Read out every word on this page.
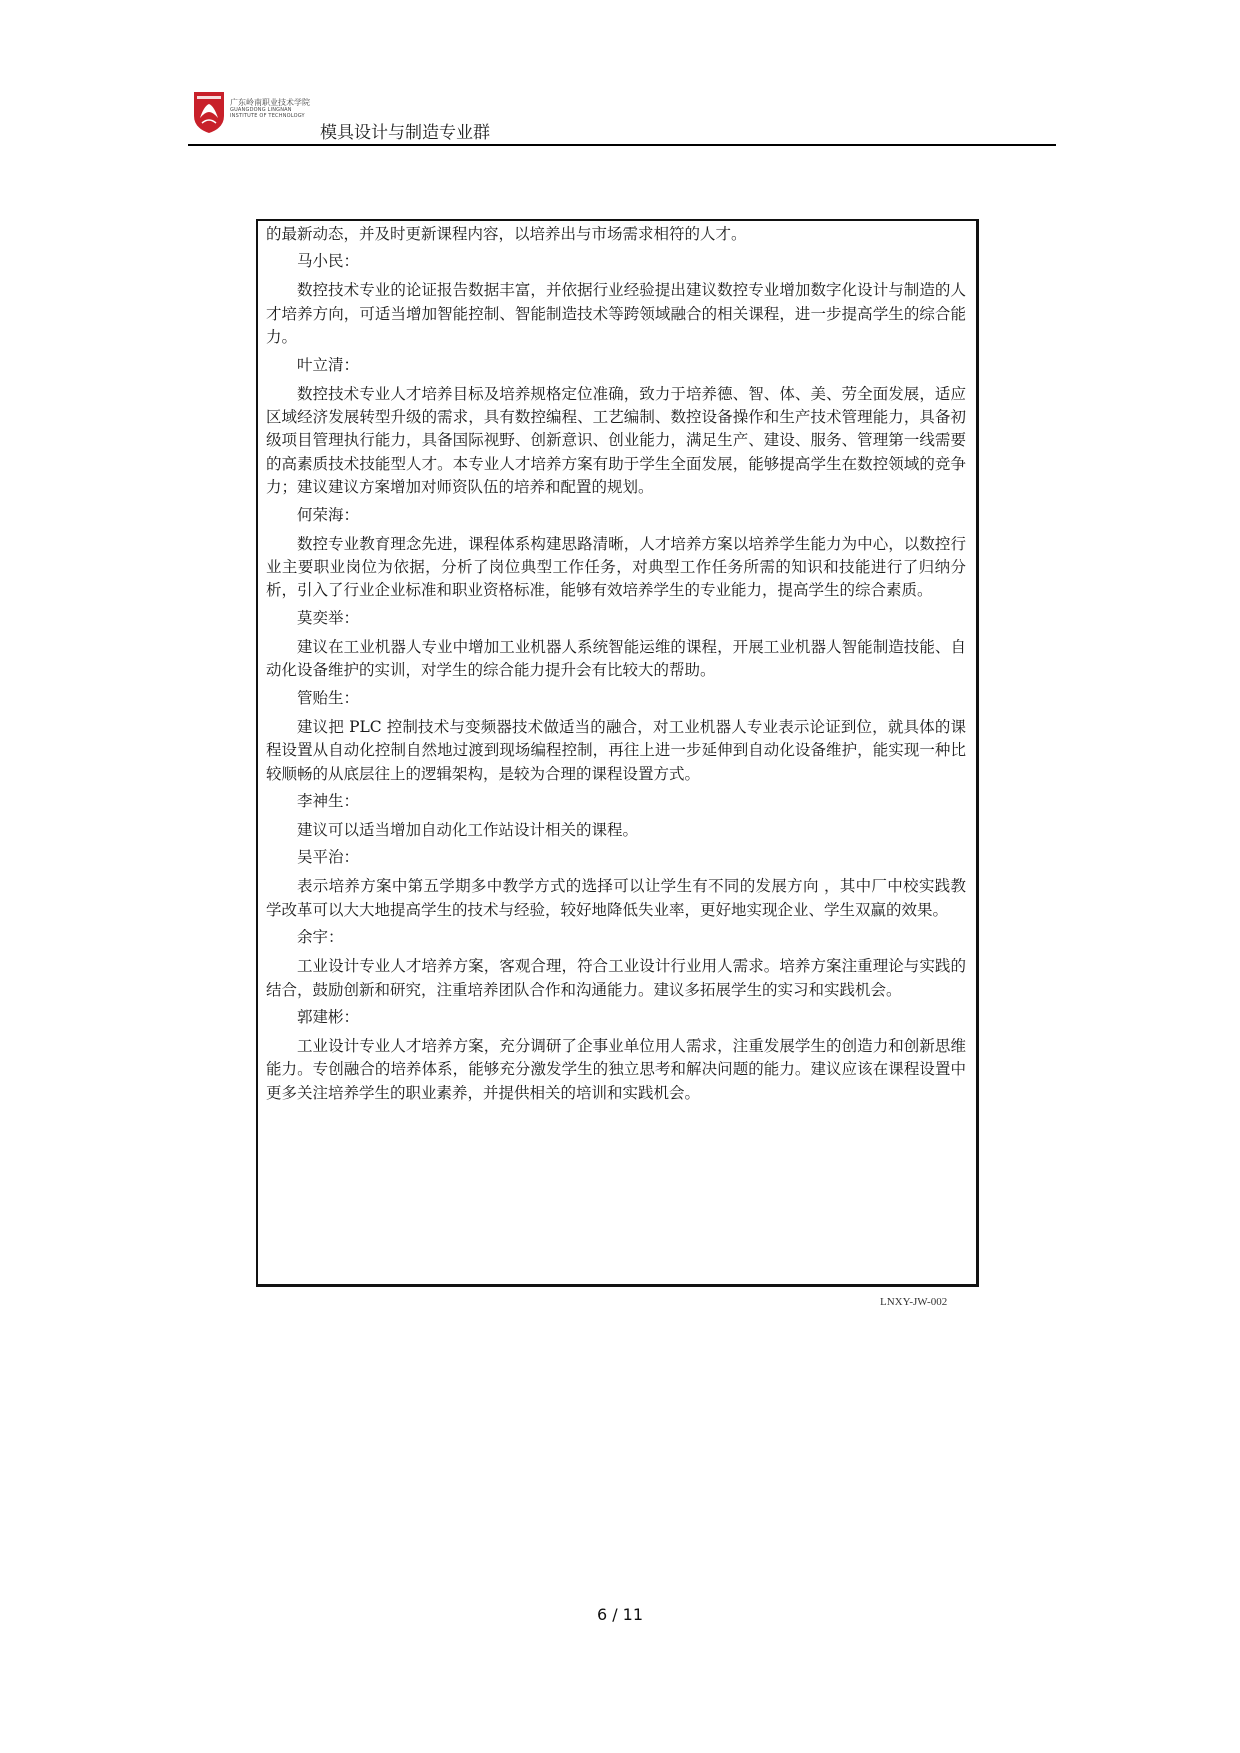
广东岭南职业技术学院
GUANGDONG LINGNAN
INSTITUTE OF TECHNOLOGY
模具设计与制造专业群

的最新动态，并及时更新课程内容，以培养出与市场需求相符的人才。

马小民：

数控技术专业的论证报告数据丰富，并依据行业经验提出建议数控专业增加数字化设计与制造的人才培养方向，可适当增加智能控制、智能制造技术等跨领域融合的相关课程，进一步提高学生的综合能力。

叶立清：

数控技术专业人才培养目标及培养规格定位准确，致力于培养德、智、体、美、劳全面发展，适应区域经济发展转型升级的需求，具有数控编程、工艺编制、数控设备操作和生产技术管理能力，具备初级项目管理执行能力，具备国际视野、创新意识、创业能力，满足生产、建设、服务、管理第一线需要的高素质技术技能型人才。本专业人才培养方案有助于学生全面发展，能够提高学生在数控领域的竞争力；建议建议方案增加对师资队伍的培养和配置的规划。

何荣海：

数控专业教育理念先进，课程体系构建思路清晰，人才培养方案以培养学生能力为中心，以数控行业主要职业岗位为依据，分析了岗位典型工作任务，对典型工作任务所需的知识和技能进行了归纳分析，引入了行业企业标准和职业资格标准，能够有效培养学生的专业能力，提高学生的综合素质。

莫奕举：

建议在工业机器人专业中增加工业机器人系统智能运维的课程，开展工业机器人智能制造技能、自动化设备维护的实训，对学生的综合能力提升会有比较大的帮助。

管贻生：

建议把 PLC 控制技术与变频器技术做适当的融合，对工业机器人专业表示论证到位，就具体的课程设置从自动化控制自然地过渡到现场编程控制，再往上进一步延伸到自动化设备维护，能实现一种比较顺畅的从底层往上的逻辑架构，是较为合理的课程设置方式。

李神生：

建议可以适当增加自动化工作站设计相关的课程。

吴平治：

表示培养方案中第五学期多中教学方式的选择可以让学生有不同的发展方向 ，其中厂中校实践教学改革可以大大地提高学生的技术与经验，较好地降低失业率，更好地实现企业、学生双赢的效果。

余宇：

工业设计专业人才培养方案，客观合理，符合工业设计行业用人需求。培养方案注重理论与实践的结合，鼓励创新和研究，注重培养团队合作和沟通能力。建议多拓展学生的实习和实践机会。

郭建彬：

工业设计专业人才培养方案，充分调研了企事业单位用人需求，注重发展学生的创造力和创新思维能力。专创融合的培养体系，能够充分激发学生的独立思考和解决问题的能力。建议应该在课程设置中更多关注培养学生的职业素养，并提供相关的培训和实践机会。

LNXY-JW-002
6 / 11
